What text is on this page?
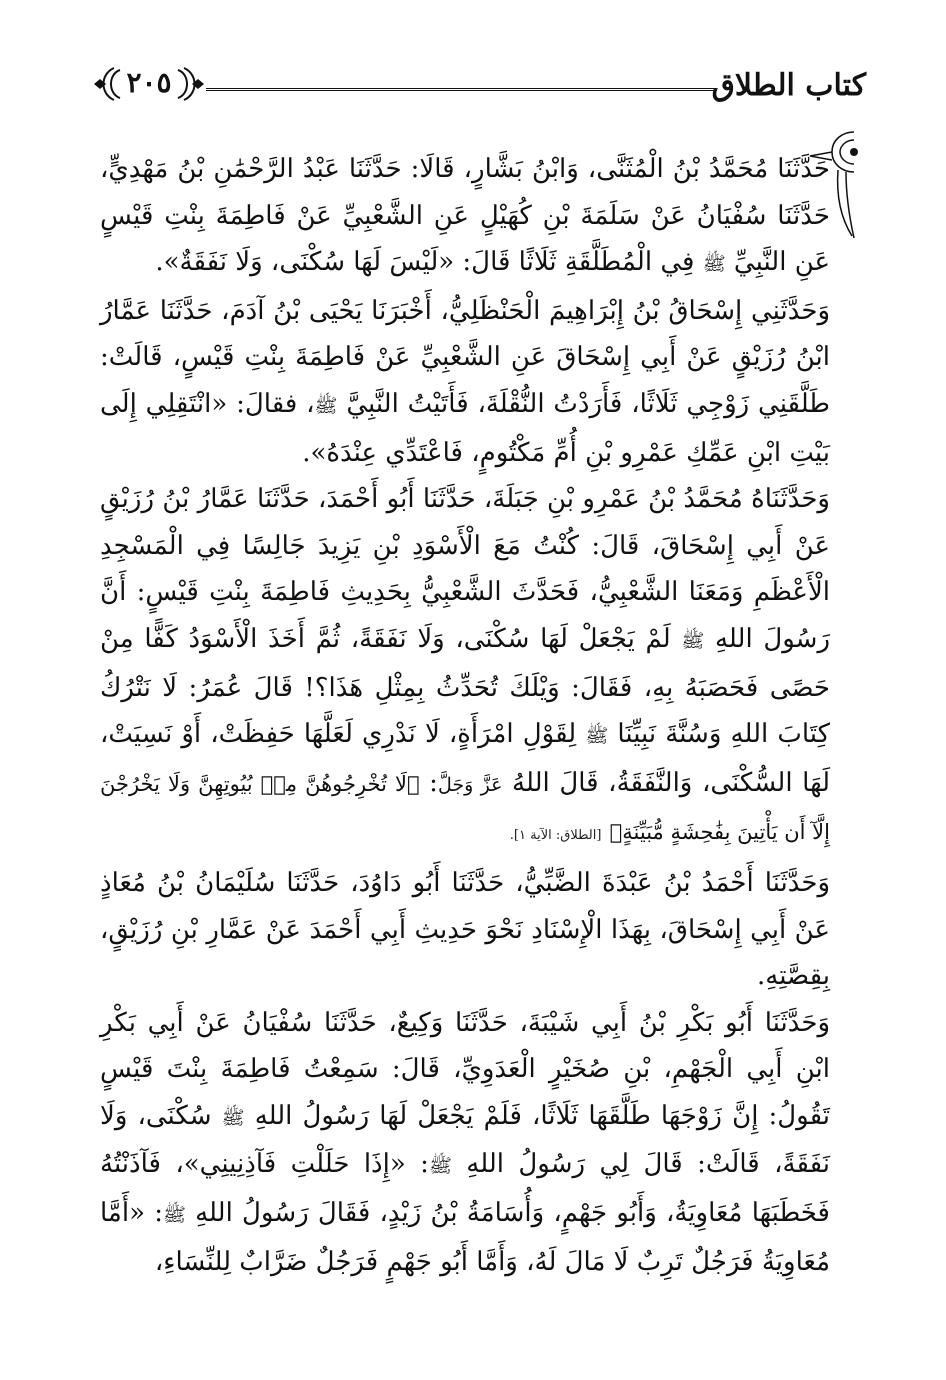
كتاب الطلاق
٢٠٥

حَدَّثَنَا مُحَمَّدُ بْنُ الْمُثَنَّى، وَابْنُ بَشَّارٍ، قَالَا: حَدَّثَنَا عَبْدُ الرَّحْمَٰنِ بْنُ مَهْدِيٍّ، حَدَّثَنَا سُفْيَانُ عَنْ سَلَمَةَ بْنِ كُهَيْلٍ عَنِ الشَّعْبِيِّ عَنْ فَاطِمَةَ بِنْتِ قَيْسٍ عَنِ النَّبِيِّ ﷺ فِي الْمُطَلَّقَةِ ثَلَاثًا قَالَ: «لَيْسَ لَهَا سُكْنَى، وَلَا نَفَقَةٌ».

وَحَدَّثَنِي إِسْحَاقُ بْنُ إِبْرَاهِيمَ الْحَنْظَلِيُّ، أَخْبَرَنَا يَحْيَى بْنُ آدَمَ، حَدَّثَنَا عَمَّارُ ابْنُ رُزَيْقٍ عَنْ أَبِي إِسْحَاقَ عَنِ الشَّعْبِيِّ عَنْ فَاطِمَةَ بِنْتِ قَيْسٍ، قَالَتْ: طَلَّقَنِي زَوْجِي ثَلَاثًا، فَأَرَدْتُ النُّقْلَةَ، فَأَتَيْتُ النَّبِيَّ ﷺ، فقالَ: «انْتَقِلِي إِلَى بَيْتِ ابْنِ عَمِّكِ عَمْرِو بْنِ أُمِّ مَكْتُومٍ، فَاعْتَدِّي عِنْدَهُ».

وَحَدَّثَنَاهُ مُحَمَّدُ بْنُ عَمْرِو بْنِ جَبَلَةَ، حَدَّثَنَا أَبُو أَحْمَدَ، حَدَّثَنَا عَمَّارُ بْنُ رُزَيْقٍ عَنْ أَبِي إِسْحَاقَ، قَالَ: كُنْتُ مَعَ الْأَسْوَدِ بْنِ يَزِيدَ جَالِسًا فِي الْمَسْجِدِ الْأَعْظَمِ وَمَعَنَا الشَّعْبِيُّ، فَحَدَّثَ الشَّعْبِيُّ بِحَدِيثِ فَاطِمَةَ بِنْتِ قَيْسٍ: أَنَّ رَسُولَ اللهِ ﷺ لَمْ يَجْعَلْ لَهَا سُكْنَى، وَلَا نَفَقَةً، ثُمَّ أَخَذَ الْأَسْوَدُ كَفًّا مِنْ حَصًى فَحَصَبَهُ بِهِ، فَقَالَ: وَيْلَكَ تُحَدِّثُ بِمِثْلِ هَذَا؟! قَالَ عُمَرُ: لَا نَتْرُكُ كِتَابَ اللهِ وَسُنَّةَ نَبِيِّنَا ﷺ لِقَوْلِ امْرَأَةٍ، لَا نَدْرِي لَعَلَّهَا حَفِظَتْ، أَوْ نَسِيَتْ، لَهَا السُّكْنَى، وَالنَّفَقَةُ، قَالَ اللهُ عَزَّ وَجَلَّ: ﴿لَا تُخْرِجُوهُنَّ مِنۢ بُيُوتِهِنَّ وَلَا يَخْرُجْنَ إِلَّآ أَن يَأْتِينَ بِفَٰحِشَةٍ مُّبَيِّنَةٍ﴾ [الطلاق: الآية ١].

وَحَدَّثَنَا أَحْمَدُ بْنُ عَبْدَةَ الضَّبِّيُّ، حَدَّثَنَا أَبُو دَاوُدَ، حَدَّثَنَا سُلَيْمَانُ بْنُ مُعَاذٍ عَنْ أَبِي إِسْحَاقَ، بِهَذَا الْإِسْنَادِ نَحْوَ حَدِيثِ أَبِي أَحْمَدَ عَنْ عَمَّارِ بْنِ رُزَيْقٍ، بِقِصَّتِهِ.

وَحَدَّثَنَا أَبُو بَكْرِ بْنُ أَبِي شَيْبَةَ، حَدَّثَنَا وَكِيعٌ، حَدَّثَنَا سُفْيَانُ عَنْ أَبِي بَكْرِ ابْنِ أَبِي الْجَهْمِ، بْنِ صُخَيْرٍ الْعَدَوِيِّ، قَالَ: سَمِعْتُ فَاطِمَةَ بِنْتَ قَيْسٍ تَقُولُ: إِنَّ زَوْجَهَا طَلَّقَهَا ثَلَاثًا، فَلَمْ يَجْعَلْ لَهَا رَسُولُ اللهِ ﷺ سُكْنَى، وَلَا نَفَقَةً، قَالَتْ: قَالَ لِي رَسُولُ اللهِ ﷺ: «إِذَا حَلَلْتِ فَآذِنِينِي»، فَآذَنْتُهُ فَخَطَبَهَا مُعَاوِيَةُ، وَأَبُو جَهْمٍ، وَأُسَامَةُ بْنُ زَيْدٍ، فَقَالَ رَسُولُ اللهِ ﷺ: «أَمَّا مُعَاوِيَةُ فَرَجُلٌ تَرِبٌ لَا مَالَ لَهُ، وَأَمَّا أَبُو جَهْمٍ فَرَجُلٌ ضَرَّابٌ لِلنِّسَاءِ،
